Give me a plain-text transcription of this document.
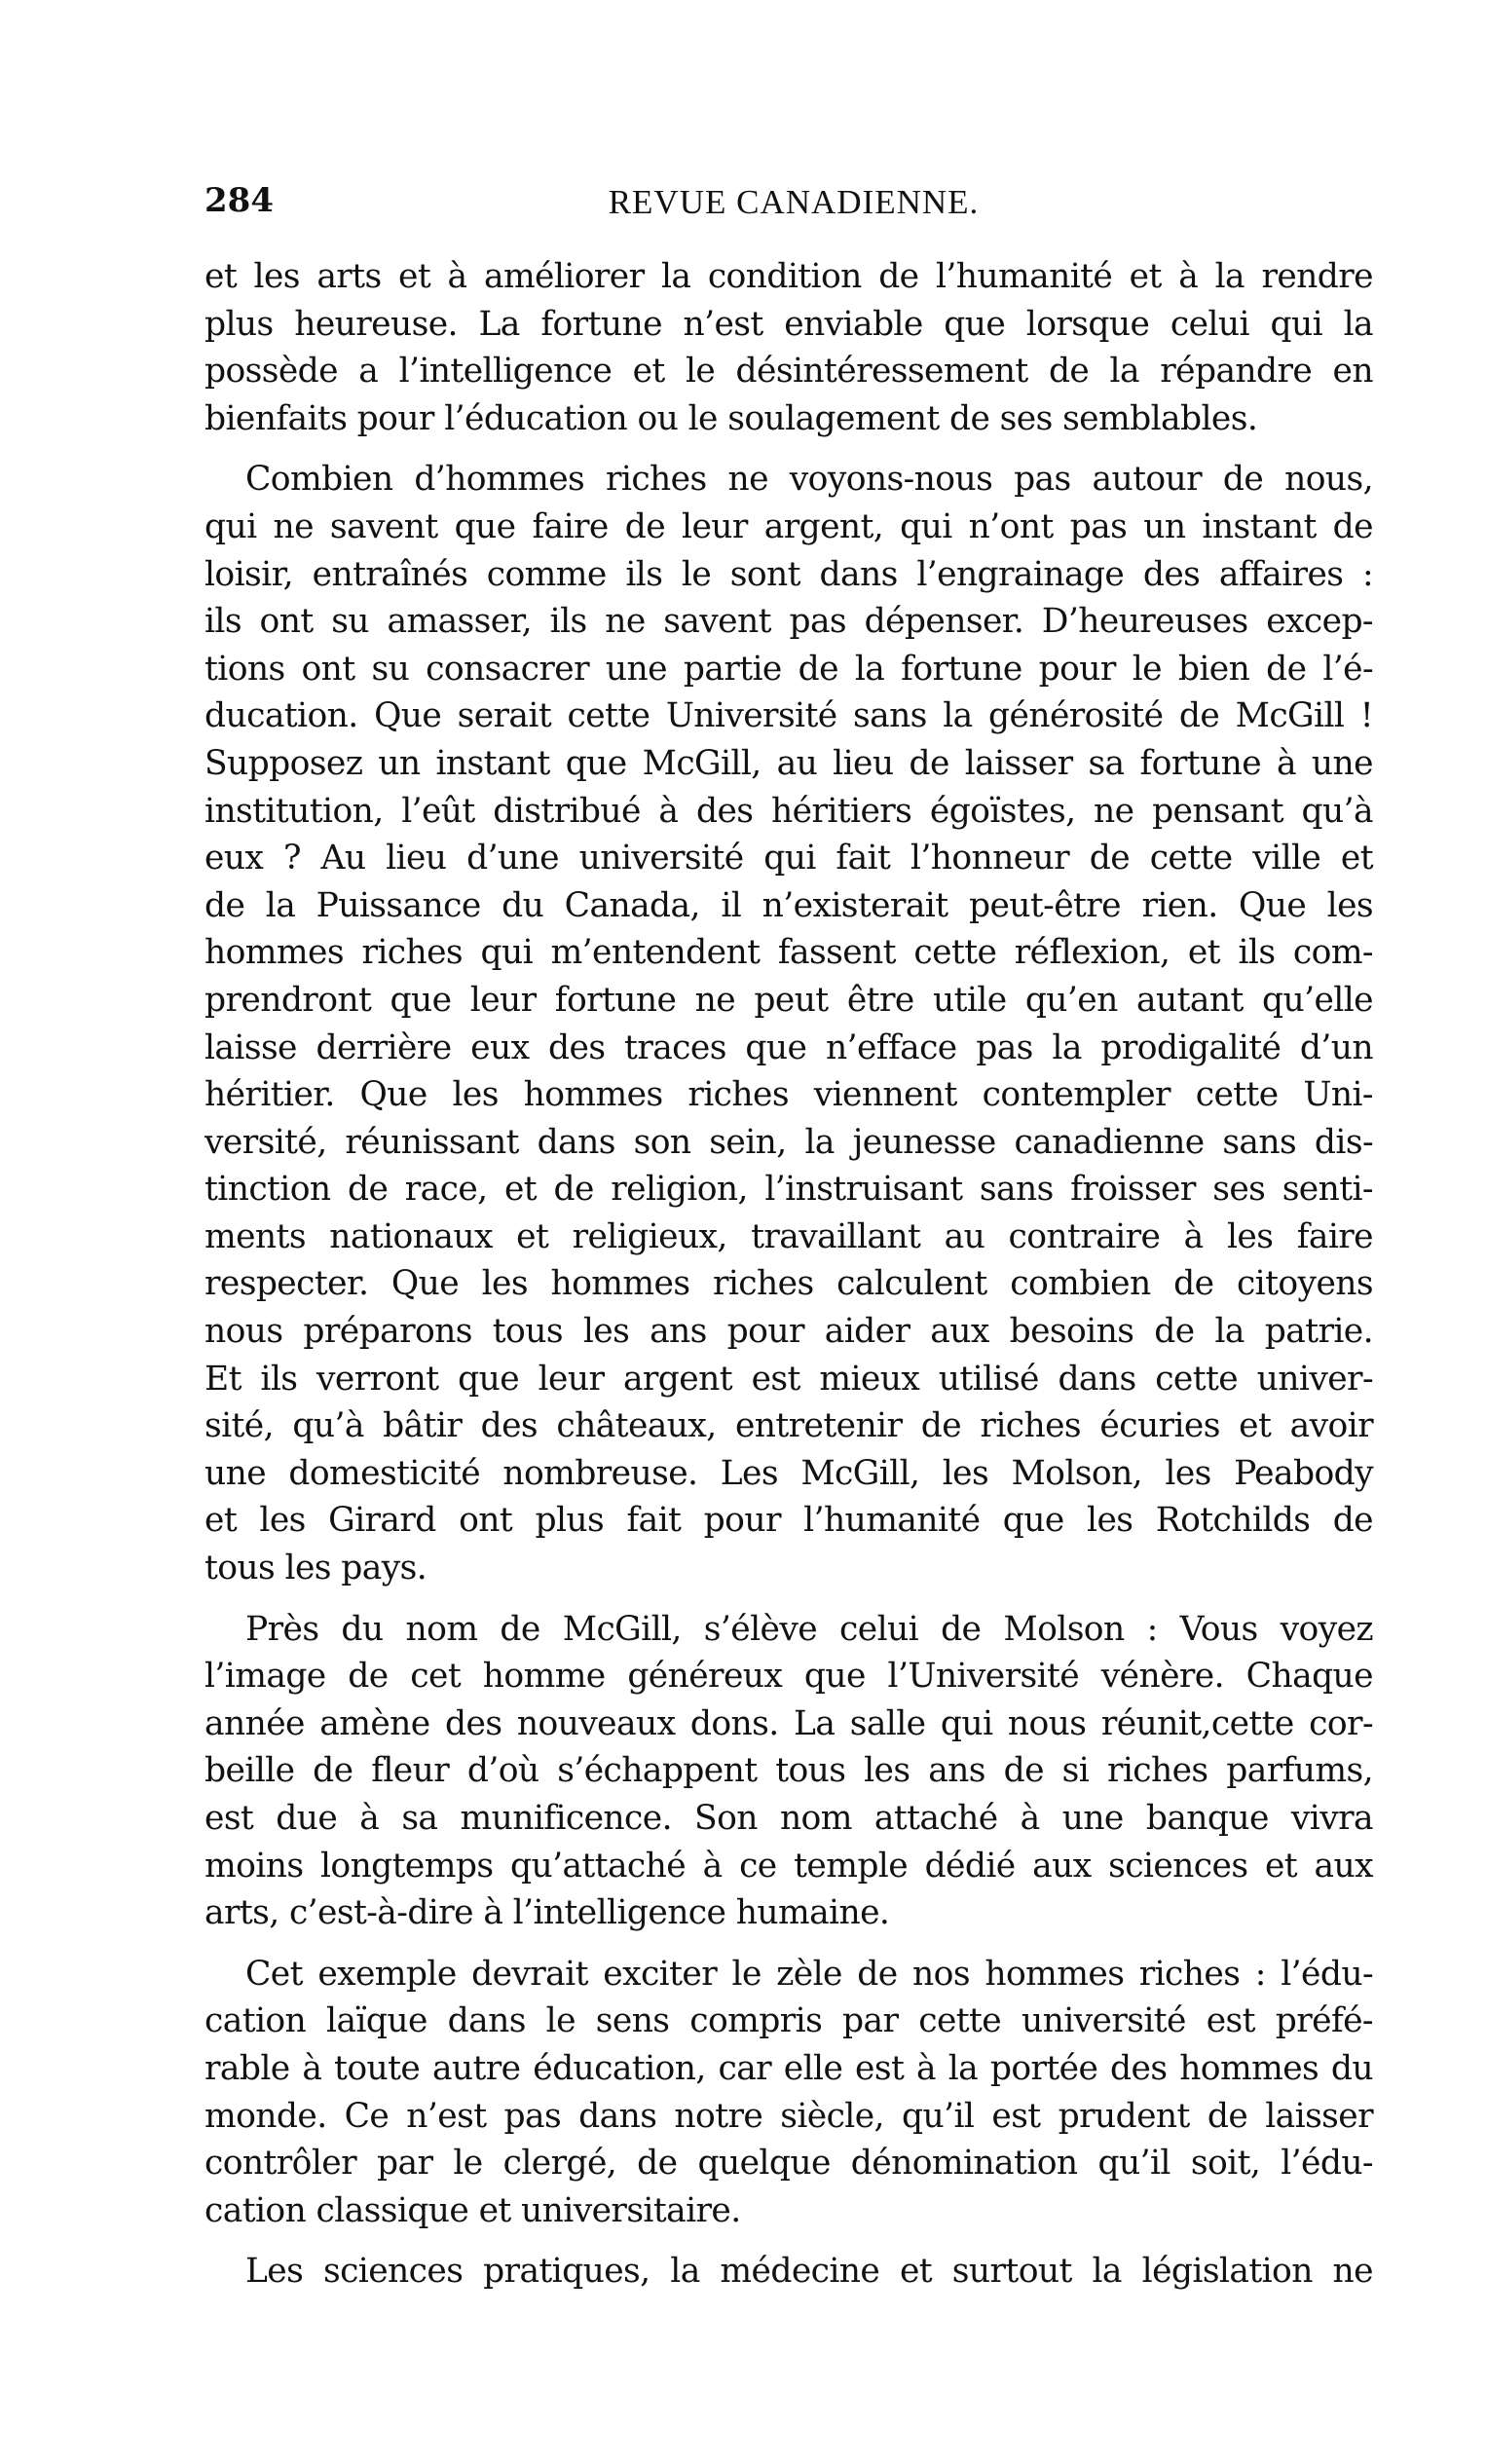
284	REVUE CANADIENNE.
et les arts et à améliorer la condition de l’humanité et à la rendre
plus heureuse. La fortune n’est enviable que lorsque celui qui la
possède a l’intelligence et le désintéressement de la répandre en
bienfaits pour l’éducation ou le soulagement de ses semblables.
Combien d’hommes riches ne voyons-nous pas autour de nous,
qui ne savent que faire de leur argent, qui n’ont pas un instant de
loisir, entraînés comme ils le sont dans l’engrainage des affaires :
ils ont su amasser, ils ne savent pas dépenser. D’heureuses excep-
tions ont su consacrer une partie de la fortune pour le bien de l’é-
ducation. Que serait cette Université sans la générosité de McGill !
Supposez un instant que McGill, au lieu de laisser sa fortune à une
institution, l’eût distribué à des héritiers égoïstes, ne pensant qu’à
eux ? Au lieu d’une université qui fait l’honneur de cette ville et
de la Puissance du Canada, il n’existerait peut-être rien. Que les
hommes riches qui m’entendent fassent cette réflexion, et ils com-
prendront que leur fortune ne peut être utile qu’en autant qu’elle
laisse derrière eux des traces que n’efface pas la prodigalité d’un
héritier. Que les hommes riches viennent contempler cette Uni-
versité, réunissant dans son sein, la jeunesse canadienne sans dis-
tinction de race, et de religion, l’instruisant sans froisser ses senti-
ments nationaux et religieux, travaillant au contraire à les faire
respecter. Que les hommes riches calculent combien de citoyens
nous préparons tous les ans pour aider aux besoins de la patrie.
Et ils verront que leur argent est mieux utilisé dans cette univer-
sité, qu’à bâtir des châteaux, entretenir de riches écuries et avoir
une domesticité nombreuse. Les McGill, les Molson, les Peabody
et les Girard ont plus fait pour l’humanité que les Rotchilds de
tous les pays.
Près du nom de McGill, s’élève celui de Molson : Vous voyez
l’image de cet homme généreux que l’Université vénère. Chaque
année amène des nouveaux dons. La salle qui nous réunit,cette cor-
beille de fleur d’où s’échappent tous les ans de si riches parfums,
est due à sa munificence. Son nom attaché à une banque vivra
moins longtemps qu’attaché à ce temple dédié aux sciences et aux
arts, c’est-à-dire à l’intelligence humaine.
Cet exemple devrait exciter le zèle de nos hommes riches : l’édu-
cation laïque dans le sens compris par cette université est préfé-
rable à toute autre éducation, car elle est à la portée des hommes du
monde. Ce n’est pas dans notre siècle, qu’il est prudent de laisser
contrôler par le clergé, de quelque dénomination qu’il soit, l’édu-
cation classique et universitaire.
Les sciences pratiques, la médecine et surtout la législation ne
